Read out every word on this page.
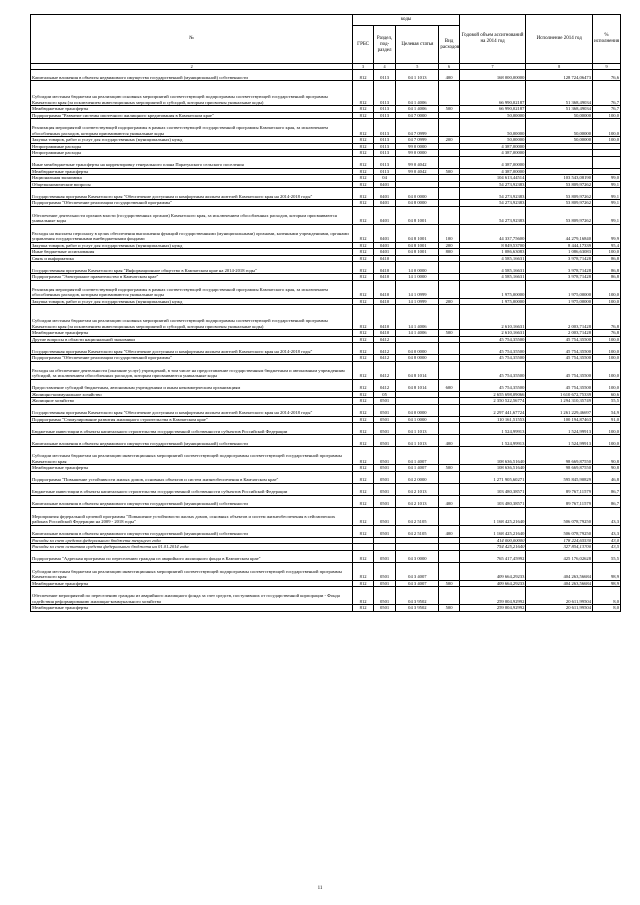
№	коды				Годовой объем ассигнований на 2014 год	Исполнение 2014 год	% исполнения
	ГРБС	Раздел, под-раздел	Целевая статья	Вид расходов			
2	3	4	5	6	7	8	9
Капитальные вложения в объекты недвижимого имущества государственной (муниципальной) собственности	812	0113	04 1 1013	400	168 000,00000	128 724,06473	76,6
Субсидии местным бюджетам на реализацию основных мероприятий соответствующей подпрограммы соответствующей государственной программы Камчатского края (за исключением инвестиционных мероприятий и субсидий, которым присвоены уникальные коды)	812	0113	04 1 4006		66 990,02187	51 368,49034	76,7
Межбюджетные трансферты	812	0113	04 1 4006	500	66 990,02187	51 368,49034	76,7
Подпрограмма "Развитие системы ипотечного жилищного кредитования в Камчатском крае"	812	0113	04 7 0000		50,00000	50,00000	100,0
Реализация мероприятий соответствующей подпрограммы в рамках соответствующей государственной программы Камчатского края, за исключением обособленных расходов, которым присваиваются уникальные коды	812	0113	04 7 0999		50,00000	50,00000	100,0
Закупка товаров, работ и услуг для государственных (муниципальных) нужд	812	0113	04 7 0999	200	50,00000	50,00000	100,0
Непрограммные расходы	812	0113	99 0 0000		4 387,00000		
Непрограммные расходы	812	0113	99 0 0000		4 387,00000		
Иные межбюджетные трансферты на корректировку генерального плана Паратунского сельского поселения	812	0113	99 0 4042		4 387,00000		
Межбюджетные трансферты	812	0113	99 0 4042	500	4 387,00000		
Национальная экономика	812	04			104 613,44514	103 543,08190	99,0
Общеэкономические вопросы	812	0401			54 273,92383	53 809,97262	99,1
Государственная программа Камчатского края "Обеспечение доступным и комфортным жильем жителей Камчатского края на 2014-2018 годы"	812	0401	04 0 0000		54 273,92383	53 809,97262	99,1
Подпрограмма "Обеспечение реализации государственной программы"	812	0401	04 8 0000		54 273,92383	53 809,97262	99,1
Обеспечение деятельности органов власти (государственных органов) Камчатского края, за исключением обособленных расходов, которым присваиваются уникальные коды	812	0401	04 8 1001		54 273,92383	53 809,97262	99,1
Расходы на выплаты персоналу в целях обеспечения выполнения функций государственными (муниципальными) органами, казенными учреждениями, органами управления государственными внебюджетными фондами	812	0401	04 8 1001	100	44 337,75600	44 279,16840	99,9
Закупка товаров, работ и услуг для государственных (муниципальных) нужд	812	0401	04 8 1001	200	8 849,53700	8 444,17339	95,4
Иные бюджетные ассигнования	812	0401	04 8 1001	800	1 086,63083	1 086,63083	100,0
Связь и информатика	812	0410			4 585,16631	3 978,71428	86,8
Государственная программа Камчатского края "Информационное общество в Камчатском крае на 2014-2018 годы"	812	0410	14 0 0000		4 585,16631	3 978,71428	86,8
Подпрограмма "Электронное правительство в Камчатском крае"	812	0410	14 1 0000		4 585,16631	3 978,71428	86,8
Реализация мероприятий соответствующей подпрограммы в рамках соответствующей государственной программы Камчатского края, за исключением обособленных расходов, которым присваиваются уникальные коды	812	0410	14 1 0999		1 975,00000	1 975,00000	100,0
Закупка товаров, работ и услуг для государственных (муниципальных) нужд	812	0410	14 1 0999	200	1 975,00000	1 975,00000	100,0
Субсидии местным бюджетам на реализацию основных мероприятий соответствующей подпрограммы соответствующей государственной программы Камчатского края (за исключением инвестиционных мероприятий и субсидий, которым присвоены уникальные коды)	812	0410	14 1 4006		2 610,16631	2 003,71428	76,8
Межбюджетные трансферты	812	0410	14 1 4006	500	2 610,16631	2 003,71428	76,8
Другие вопросы в области национальной экономики	812	0412			45 754,35500	45 754,35500	100,0
Государственная программа Камчатского края "Обеспечение доступным и комфортным жильем жителей Камчатского края на 2014-2018 годы"	812	0412	04 0 0000		45 754,35500	45 754,35500	100,0
Подпрограмма "Обеспечение реализации государственной программы"	812	0412	04 8 0000		45 754,35500	45 754,35500	100,0
Расходы на обеспечение деятельности (оказание услуг) учреждений, в том числе на предоставление государственным бюджетным и автономным учреждениям субсидий, за исключением обособленных расходов, которым присваиваются уникальные коды	812	0412	04 8 1014		45 754,35500	45 754,35500	100,0
Предоставление субсидий бюджетным, автономным учреждениям и иным некоммерческим организациям	812	0412	04 8 1014	600	45 754,35500	45 754,35500	100,0
Жилищно-коммунальное хозяйство	812	05			2 655 698,09066	1 610 672,75339	60,6
Жилищное хозяйство	812	0501			2 350 522,56774	1 294 310,35749	55,5
Государственная программа Камчатского края "Обеспечение доступным и комфортным жильем жителей Камчатского края на 2014-2018 годы"	812	0501	04 0 0000		2 297 441,67724	1 261 229,46697	54,9
Подпрограмма "Стимулирование развития жилищного строительства в Камчатском крае"	812	0501	04 1 0000		110 161,51553	100 194,87463	91,0
Бюджетные инвестиции в объекты капитального строительства государственной собственности субъектов Российской Федерации	812	0501	04 1 1013		1 524,99913	1 524,99913	100,0
Капитальные вложения в объекты недвижимого имущества государственной (муниципальной) собственности	812	0501	04 1 1013	400	1 524,99913	1 524,99913	100,0
Субсидии местным бюджетам на реализацию инвестиционных мероприятий соответствующей подпрограммы соответствующей государственной программы Камчатского края	812	0501	04 1 4007		108 636,51640	98 669,87550	90,8
Межбюджетные трансферты	812	0501	04 1 4007	500	108 636,51640	98 669,87550	90,8
Подпрограмма "Повышение устойчивости жилых домов, основных объектов и систем жизнеобеспечения в Камчатском крае"	812	0501	04 2 0000		1 271 905,60271	595 845,90829	46,8
Бюджетные инвестиции в объекты капитального строительства государственной собственности субъектов Российской Федерации	812	0501	04 2 1013		103 480,38571	89 767,11579	86,7
Капитальные вложения в объекты недвижимого имущества государственной (муниципальной) собственности	812	0501	04 2 1013	400	103 480,38571	89 767,11579	86,7
Мероприятия федеральной целевой программы "Повышение устойчивости жилых домов, основных объектов и систем жизнеобеспечения в сейсмических районах Российской Федерации на 2009 - 2018 годы"	812	0501	04 2 5105		1 168 425,21640	506 078,79250	43,3
Капитальные вложения в объекты недвижимого имущества государственной (муниципальной) собственности	812	0501	04 2 5105	400	1 168 425,21640	506 078,79250	43,3
Расходы за счет средств федерального бюджета текущего года					414 000,00000	178 224,65530	43,0
Расходы за счет остатков средств федерального бюджета на 01.01.2014 года					754 425,21640	327 854,13700	43,5
Подпрограмма "Адресная программа по переселению граждан из аварийного жилищного фонда в Камчатском крае"	812	0501	04 3 0000		765 417,45992	425 176,02628	55,5
Субсидии местным бюджетам на реализацию инвестиционных мероприятий соответствующей подпрограммы соответствующей государственной программы Камчатского края	812	0501	04 3 4007		409 664,29233	404 263,56684	98,9
Межбюджетные трансферты	812	0501	04 3 4007	500	409 664,29233	404 263,56684	98,9
Обеспечение мероприятий по переселению граждан из аварийного жилищного фонда за счет средств, поступивших от государственной корпорации - Фонда содействия реформированию жилищно-коммунального хозяйства	812	0501	04 3 9502		259 004,92992	20 611,99504	8,0
Межбюджетные трансферты	812	0501	04 3 9502	500	259 004,92992	20 611,99504	8,0
11
